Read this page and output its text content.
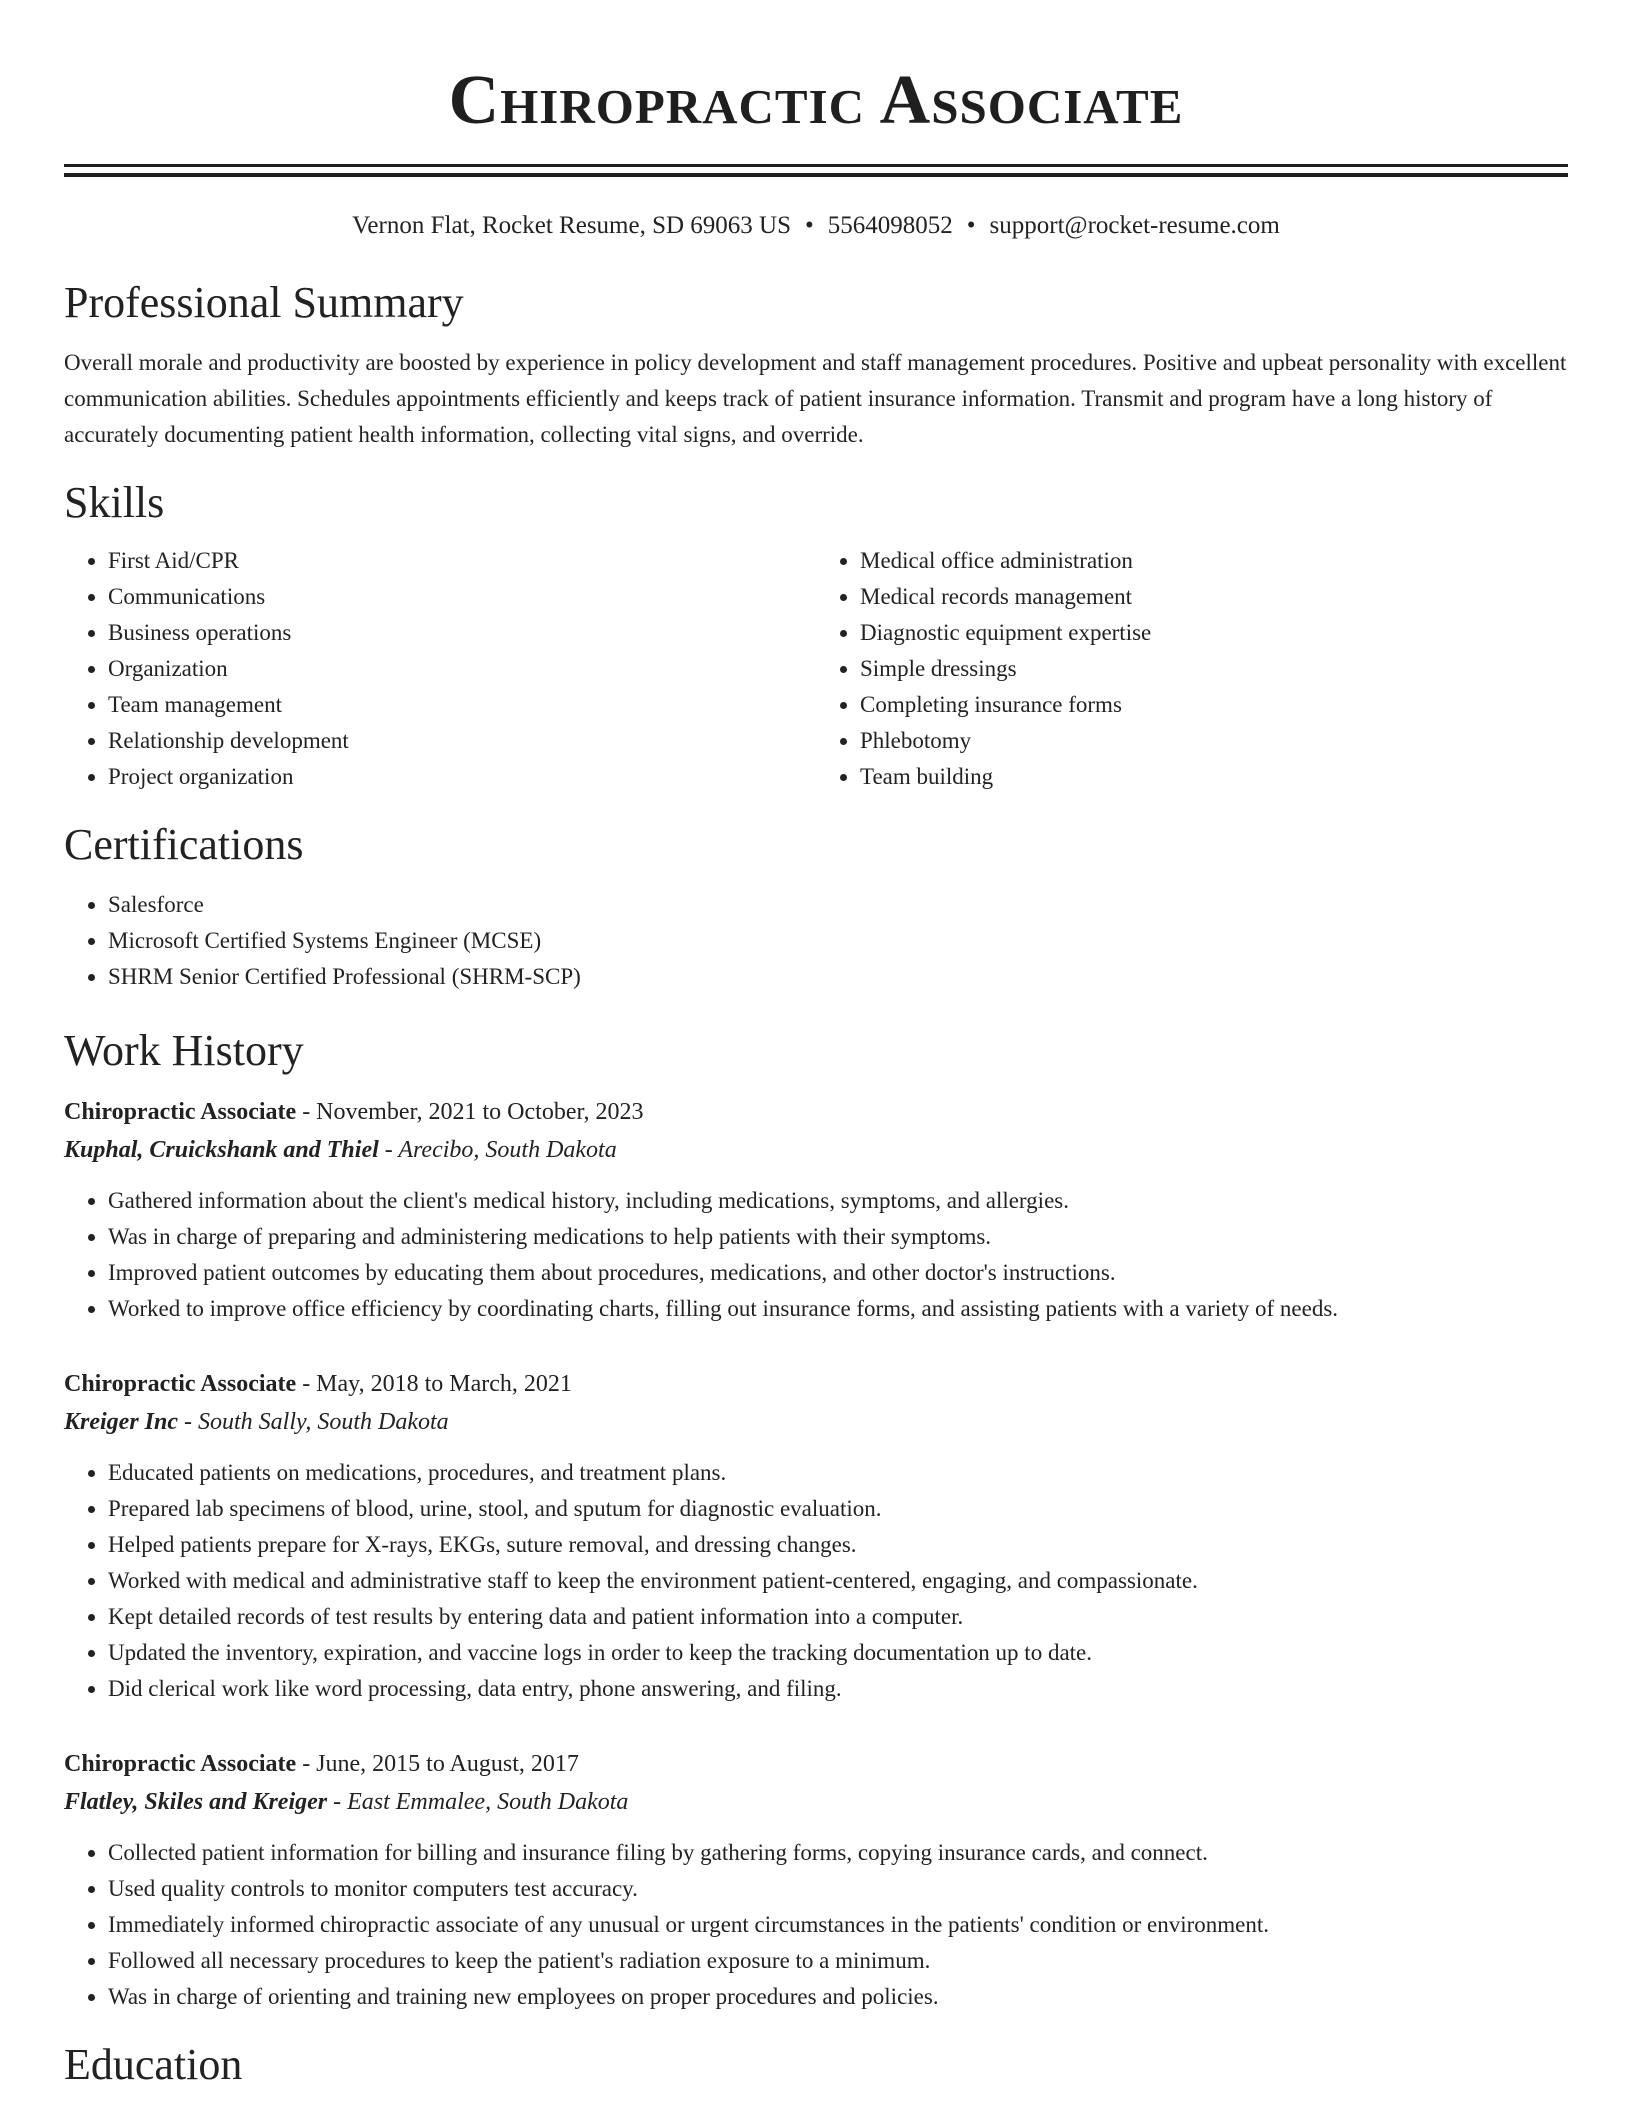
Chiropractic Associate
Vernon Flat, Rocket Resume, SD 69063 US • 5564098052 • support@rocket-resume.com
Professional Summary

Overall morale and productivity are boosted by experience in policy development and staff management procedures. Positive and upbeat personality with excellent communication abilities. Schedules appointments efficiently and keeps track of patient insurance information. Transmit and program have a long history of accurately documenting patient health information, collecting vital signs, and override.

Skills
• First Aid/CPR
• Communications
• Business operations
• Organization
• Team management
• Relationship development
• Project organization
• Medical office administration
• Medical records management
• Diagnostic equipment expertise
• Simple dressings
• Completing insurance forms
• Phlebotomy
• Team building
Certifications
• Salesforce
• Microsoft Certified Systems Engineer (MCSE)
• SHRM Senior Certified Professional (SHRM-SCP)
Work History
Chiropractic Associate - November, 2021 to October, 2023
Kuphal, Cruickshank and Thiel - Arecibo, South Dakota
• Gathered information about the client's medical history, including medications, symptoms, and allergies.
• Was in charge of preparing and administering medications to help patients with their symptoms.
• Improved patient outcomes by educating them about procedures, medications, and other doctor's instructions.
• Worked to improve office efficiency by coordinating charts, filling out insurance forms, and assisting patients with a variety of needs.
Chiropractic Associate - May, 2018 to March, 2021
Kreiger Inc - South Sally, South Dakota
• Educated patients on medications, procedures, and treatment plans.
• Prepared lab specimens of blood, urine, stool, and sputum for diagnostic evaluation.
• Helped patients prepare for X-rays, EKGs, suture removal, and dressing changes.
• Worked with medical and administrative staff to keep the environment patient-centered, engaging, and compassionate.
• Kept detailed records of test results by entering data and patient information into a computer.
• Updated the inventory, expiration, and vaccine logs in order to keep the tracking documentation up to date.
• Did clerical work like word processing, data entry, phone answering, and filing.
Chiropractic Associate - June, 2015 to August, 2017
Flatley, Skiles and Kreiger - East Emmalee, South Dakota
• Collected patient information for billing and insurance filing by gathering forms, copying insurance cards, and connect.
• Used quality controls to monitor computers test accuracy.
• Immediately informed chiropractic associate of any unusual or urgent circumstances in the patients' condition or environment.
• Followed all necessary procedures to keep the patient's radiation exposure to a minimum.
• Was in charge of orienting and training new employees on proper procedures and policies.
Education
